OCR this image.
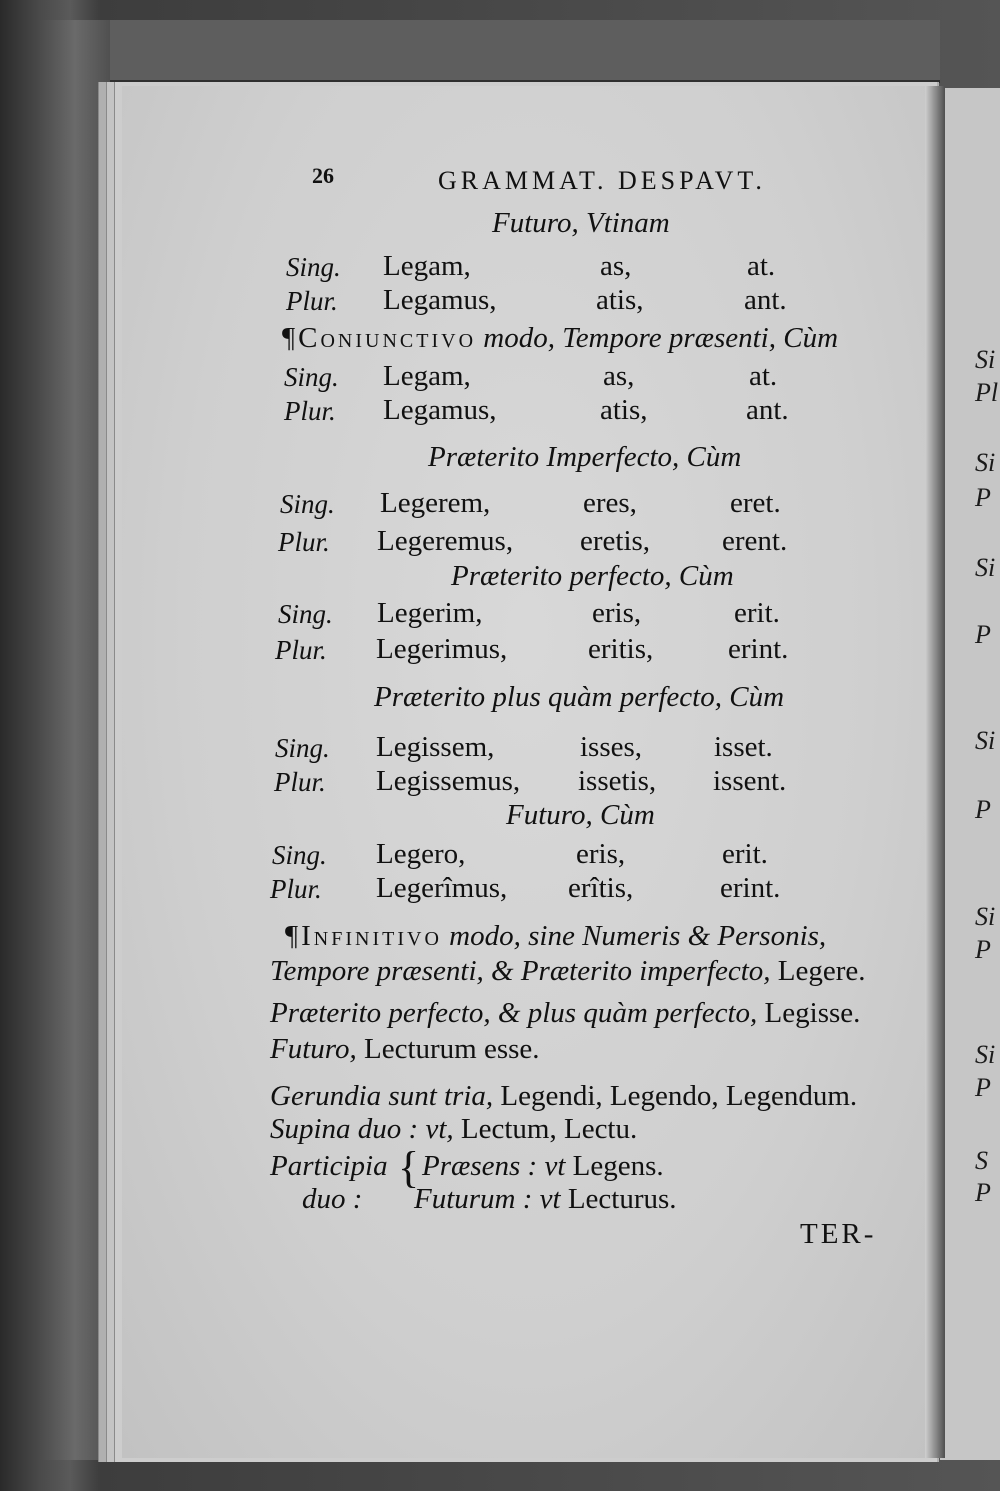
26	GRAMMAT. DESPAVT.
Futuro, Vtinam
Sing. Legam,	as,	at.
Plur. Legamus,	atis,	ant.
¶Coniunctivo modo, Tempore præsenti, Cùm
Sing. Legam,	as,	at.
Plur. Legamus,	atis,	ant.
Præterito Imperfecto, Cùm
Sing. Legerem,	eres,	eret.
Plur. Legeremus, eretis, erent.
Præterito perfecto, Cùm
Sing. Legerim,	eris,	erit.
Plur. Legerimus,	eritis,	erint.
Præterito plus quàm perfecto, Cùm
Sing. Legissem,	isses, isset.
Plur. Legissemus, issetis, issent.
Futuro, Cùm
Sing. Legero,	eris,	erit.
Plur. Legerîmus, erîtis,	erint.
¶Infinitivo modo, sine Numeris & Personis,
Tempore præsenti, & Præterito imperfecto, Legere.
Præterito perfecto, & plus quàm perfecto, Legisse.
Futuro, Lecturum esse.
Gerundia sunt tria, Legendi, Legendo, Legendum.
Supina duo : vt, Lectum, Lectu.
Participia
duo :
{ Præsens : vt Legens.
Futurum : vt Lecturus.
TER-
Si
Pl
Si
P
Si
P
Si
P
Si
P
Si
P
S
P
